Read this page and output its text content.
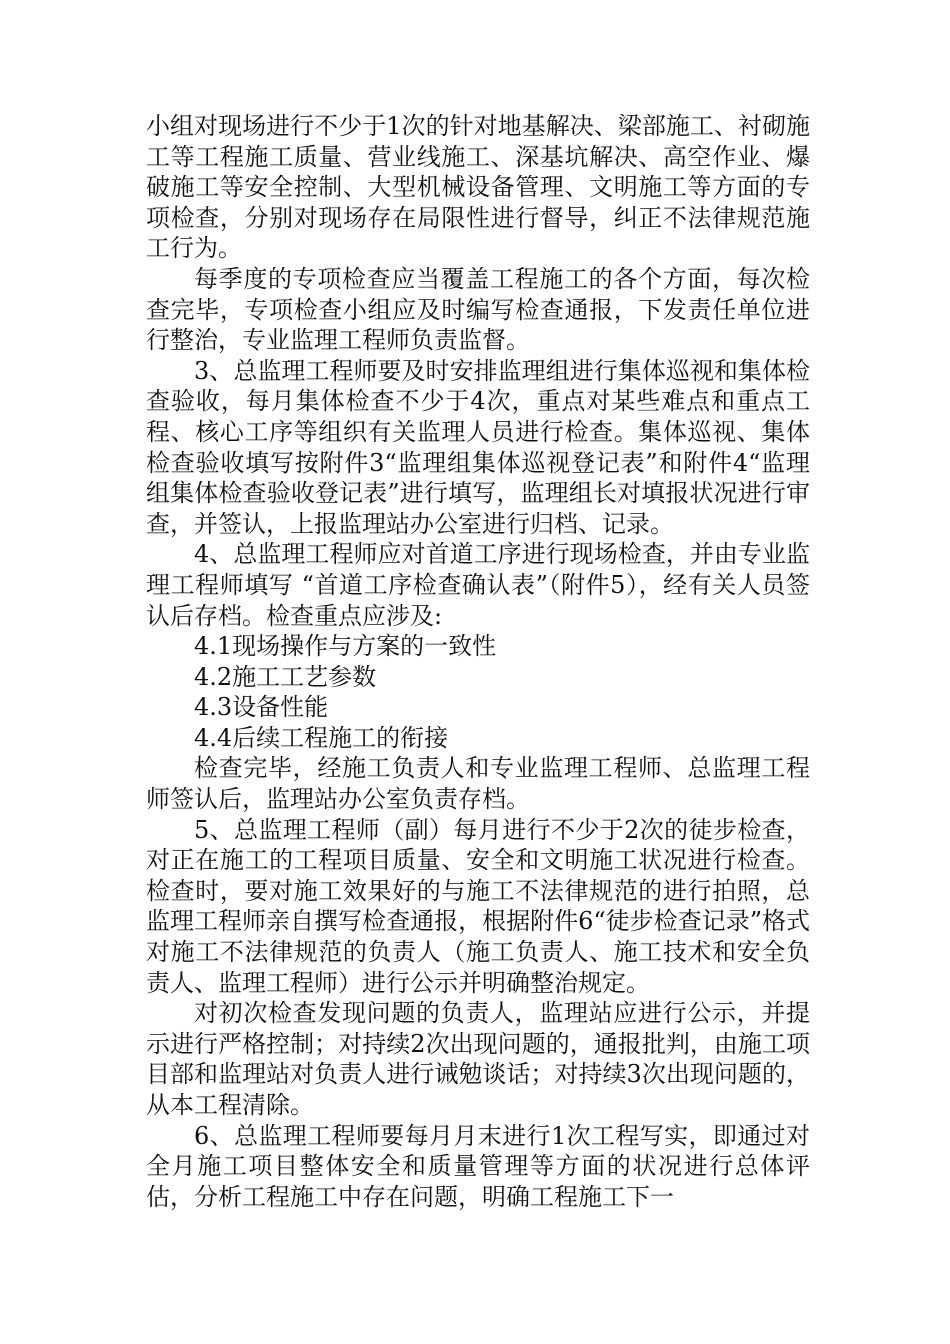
小组对现场进行不少于1次的针对地基解决、梁部施工、衬砌施工等工程施工质量、营业线施工、深基坑解决、高空作业、爆破施工等安全控制、大型机械设备管理、文明施工等方面的专项检查，分别对现场存在局限性进行督导，纠正不法律规范施工行为。

每季度的专项检查应当覆盖工程施工的各个方面，每次检查完毕，专项检查小组应及时编写检查通报，下发责任单位进行整治，专业监理工程师负责监督。

3、总监理工程师要及时安排监理组进行集体巡视和集体检查验收，每月集体检查不少于4次，重点对某些难点和重点工程、核心工序等组织有关监理人员进行检查。集体巡视、集体检查验收填写按附件3“监理组集体巡视登记表”和附件4“监理组集体检查验收登记表”进行填写，监理组长对填报状况进行审查，并签认，上报监理站办公室进行归档、记录。

4、总监理工程师应对首道工序进行现场检查，并由专业监理工程师填写 “首道工序检查确认表”（附件5），经有关人员签认后存档。检查重点应涉及:

4.1现场操作与方案的一致性

4.2施工工艺参数

4.3设备性能

4.4后续工程施工的衔接

检查完毕，经施工负责人和专业监理工程师、总监理工程师签认后，监理站办公室负责存档。

5、总监理工程师（副）每月进行不少于2次的徒步检查，对正在施工的工程项目质量、安全和文明施工状况进行检查。检查时，要对施工效果好的与施工不法律规范的进行拍照，总监理工程师亲自撰写检查通报，根据附件6“徒步检查记录”格式对施工不法律规范的负责人（施工负责人、施工技术和安全负责人、监理工程师）进行公示并明确整治规定。

对初次检查发现问题的负责人，监理站应进行公示，并提示进行严格控制；对持续2次出现问题的，通报批判，由施工项目部和监理站对负责人进行诫勉谈话；对持续3次出现问题的，从本工程清除。

6、总监理工程师要每月月末进行1次工程写实，即通过对全月施工项目整体安全和质量管理等方面的状况进行总体评估，分析工程施工中存在问题，明确工程施工下一
